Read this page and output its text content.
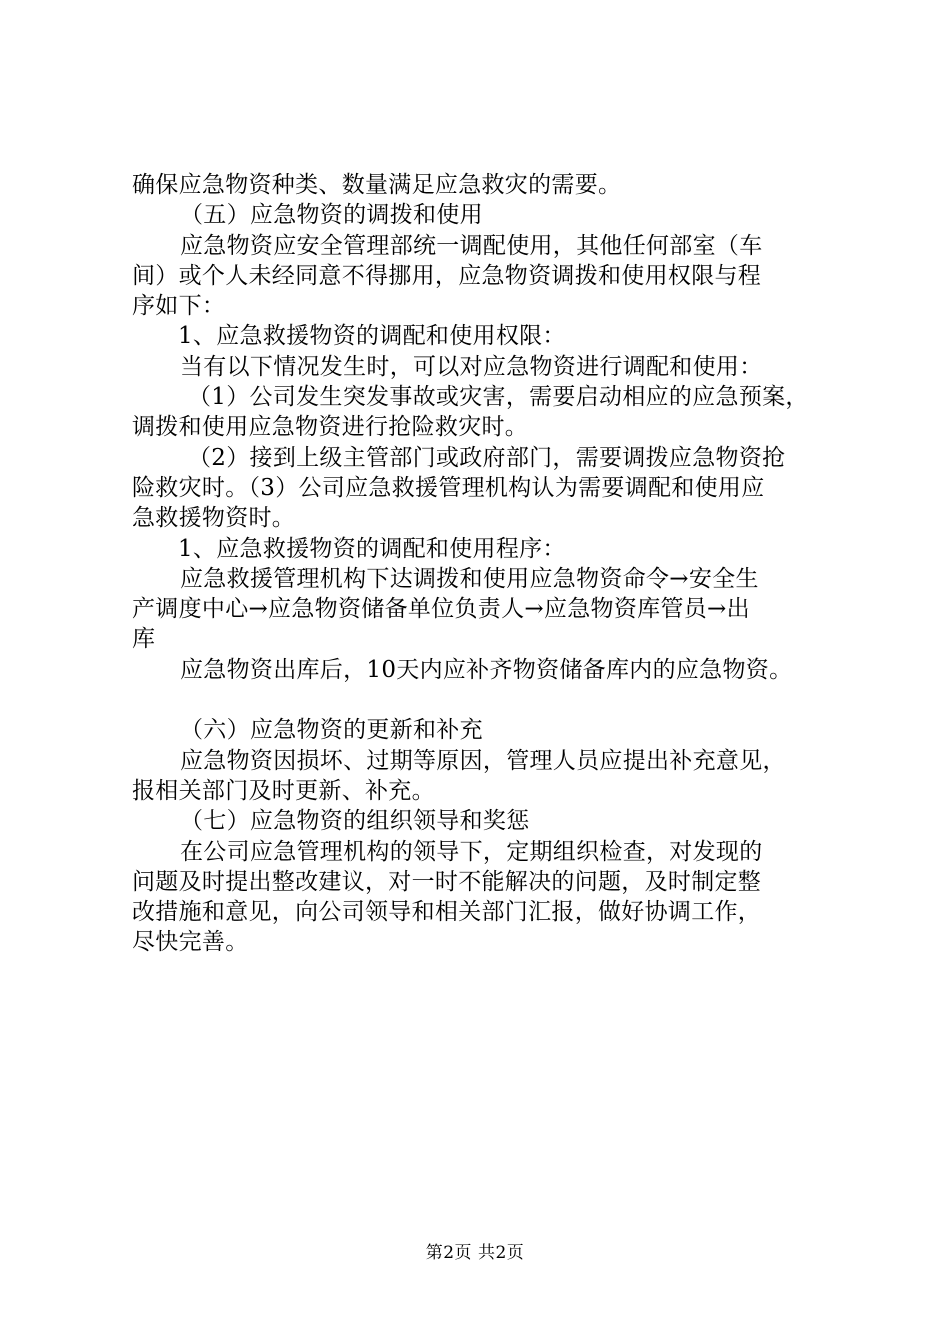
确保应急物资种类、数量满足应急救灾的需要。
（五）应急物资的调拨和使用
应急物资应安全管理部统一调配使用，其他任何部室（车
间）或个人未经同意不得挪用，应急物资调拨和使用权限与程
序如下：
1、应急救援物资的调配和使用权限：
当有以下情况发生时，可以对应急物资进行调配和使用：
（1）公司发生突发事故或灾害，需要启动相应的应急预案，
调拨和使用应急物资进行抢险救灾时。
（2）接到上级主管部门或政府部门，需要调拨应急物资抢
险救灾时。（3）公司应急救援管理机构认为需要调配和使用应
急救援物资时。
1、应急救援物资的调配和使用程序：
应急救援管理机构下达调拨和使用应急物资命令→安全生
产调度中心→应急物资储备单位负责人→应急物资库管员→出
库
应急物资出库后，10天内应补齐物资储备库内的应急物资。
（六）应急物资的更新和补充
应急物资因损坏、过期等原因，管理人员应提出补充意见，
报相关部门及时更新、补充。
（七）应急物资的组织领导和奖惩
在公司应急管理机构的领导下，定期组织检查，对发现的
问题及时提出整改建议，对一时不能解决的问题，及时制定整
改措施和意见，向公司领导和相关部门汇报，做好协调工作，
尽快完善。
第2页 共2页
